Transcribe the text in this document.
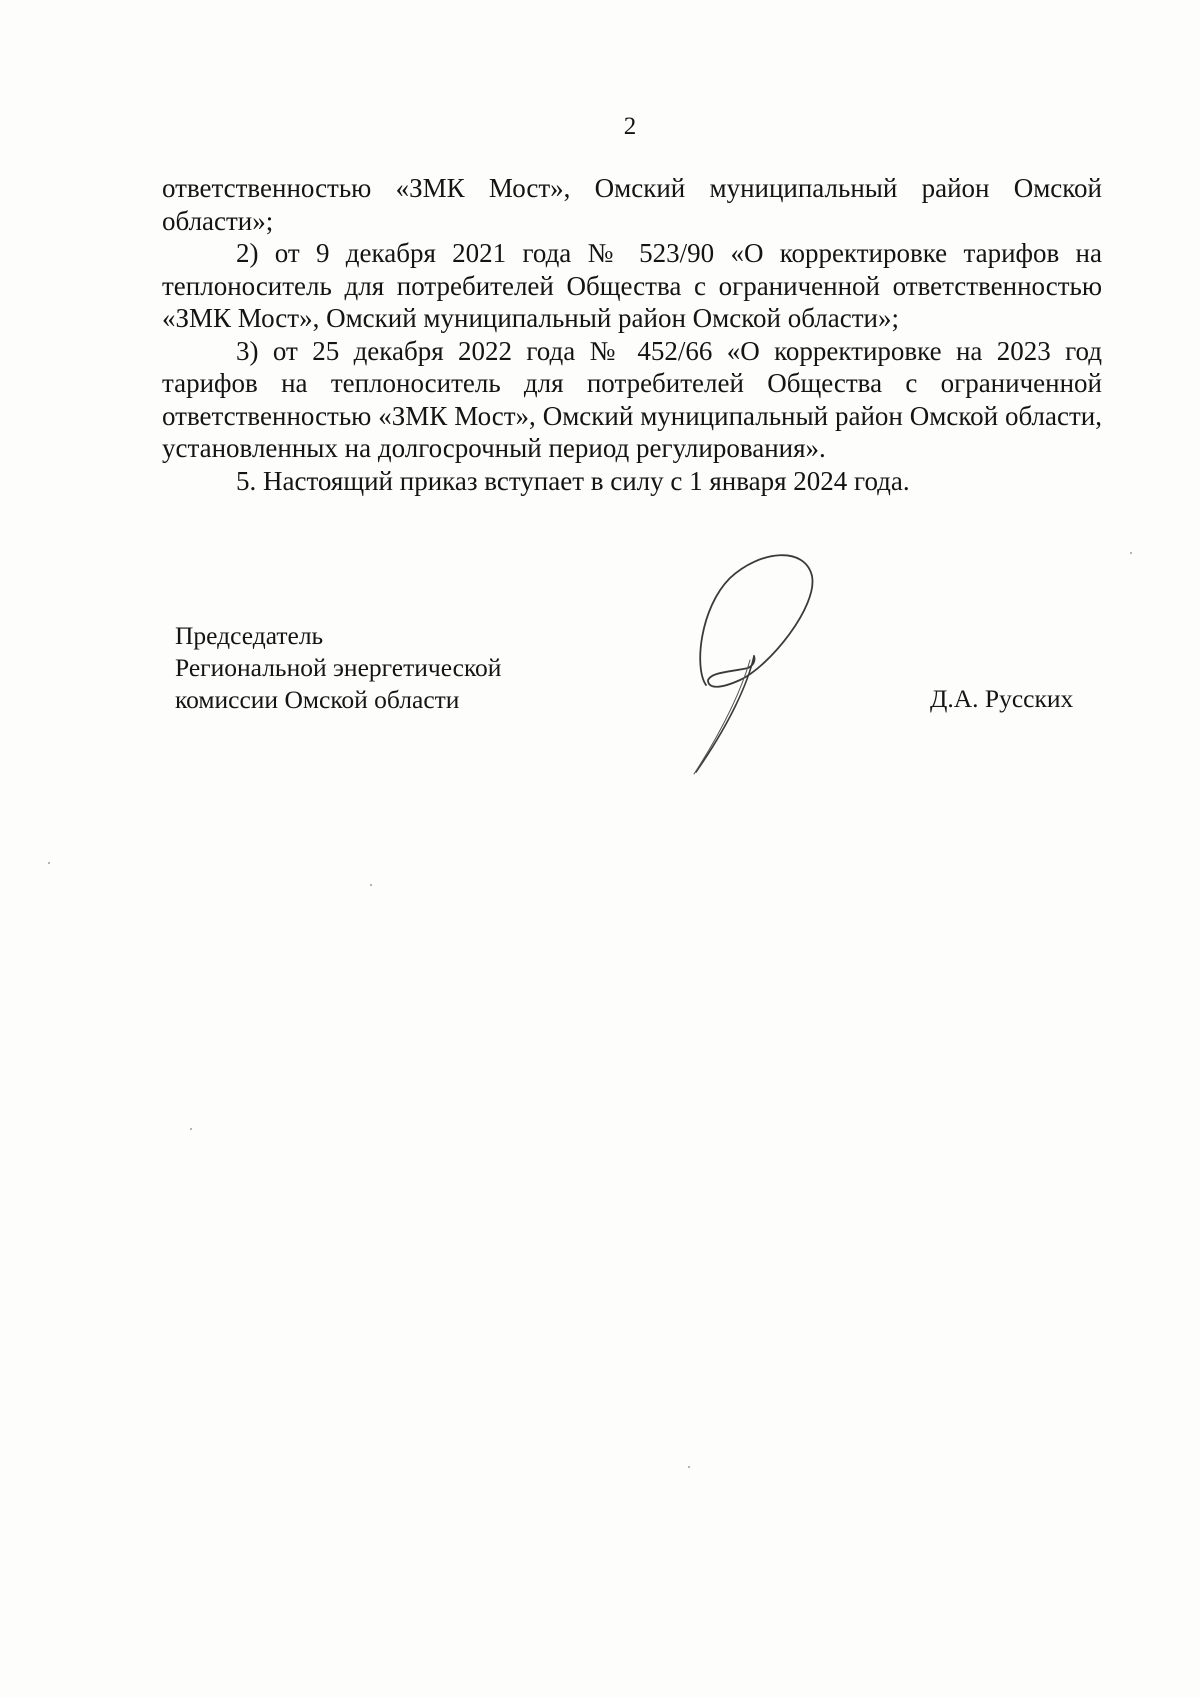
2

ответственностью «ЗМК Мост», Омский муниципальный район Омской области»;

2) от 9 декабря 2021 года № 523/90 «О корректировке тарифов на теплоноситель для потребителей Общества с ограниченной ответственностью «ЗМК Мост», Омский муниципальный район Омской области»;

3) от 25 декабря 2022 года № 452/66 «О корректировке на 2023 год тарифов на теплоноситель для потребителей Общества с ограниченной ответственностью «ЗМК Мост», Омский муниципальный район Омской области, установленных на долгосрочный период регулирования».

5. Настоящий приказ вступает в силу с 1 января 2024 года.

Председатель
Региональной энергетической
комиссии Омской области	Д.А. Русских
